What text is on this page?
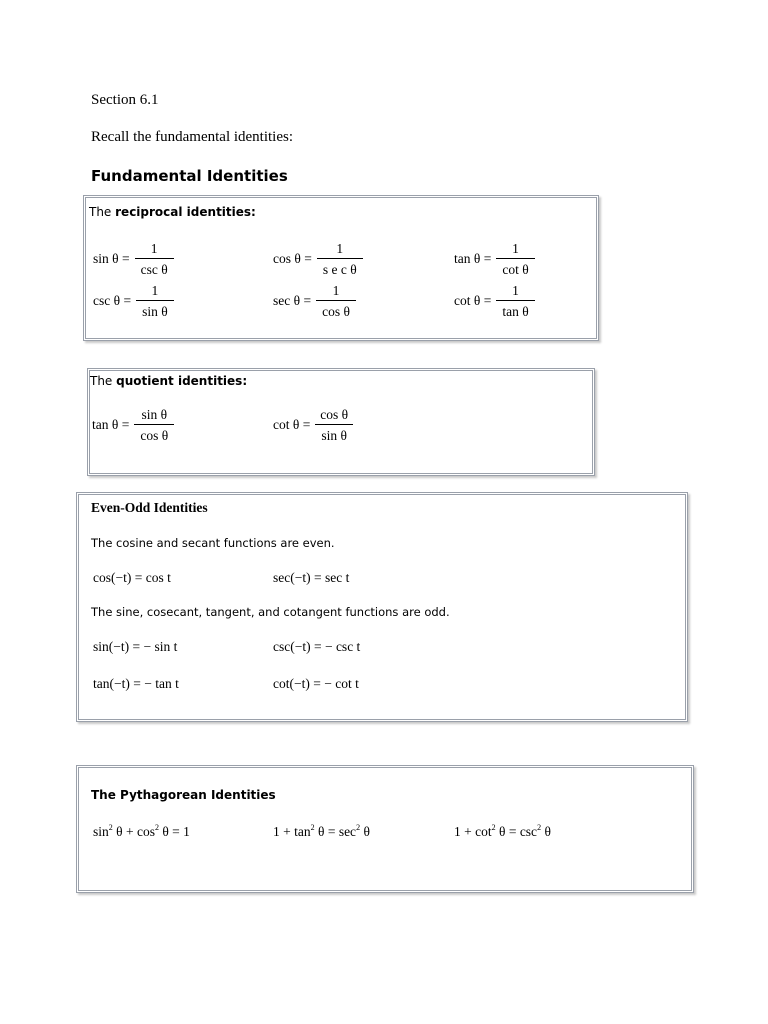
Section 6.1
Recall the fundamental identities:
Fundamental Identities
The reciprocal identities:
$\sin \theta = \frac{1}{\text{csc θ}}$	$\cos \theta = \frac{1}{\text{s e c θ}}$	$\tan \theta = \frac{1}{\text{cot θ}}$
$\csc \theta = \frac{1}{\text{sin θ}}$	$\sec \theta = \frac{1}{\text{cos θ}}$	$\cot \theta = \frac{1}{\text{tan θ}}$
The quotient identities:
$\tan \theta = \frac{\text{sin θ}}{\text{cos θ}}$	$\cot \theta = \frac{\text{cos θ}}{\text{sin θ}}$
Even-Odd Identities
The cosine and secant functions are even.
cos(−t) = cos t	sec(−t) = sec t
The sine, cosecant, tangent, and cotangent functions are odd.
sin(−t) = − sin t	csc(−t) = − csc t
tan(−t) = − tan t	cot(−t) = − cot t
The Pythagorean Identities
$\sin^2 \theta + \cos^2 \theta = 1$	$1 + \tan^2 \theta = \sec^2 \theta$	$1 + \cot^2 \theta = \csc^2 \theta$
